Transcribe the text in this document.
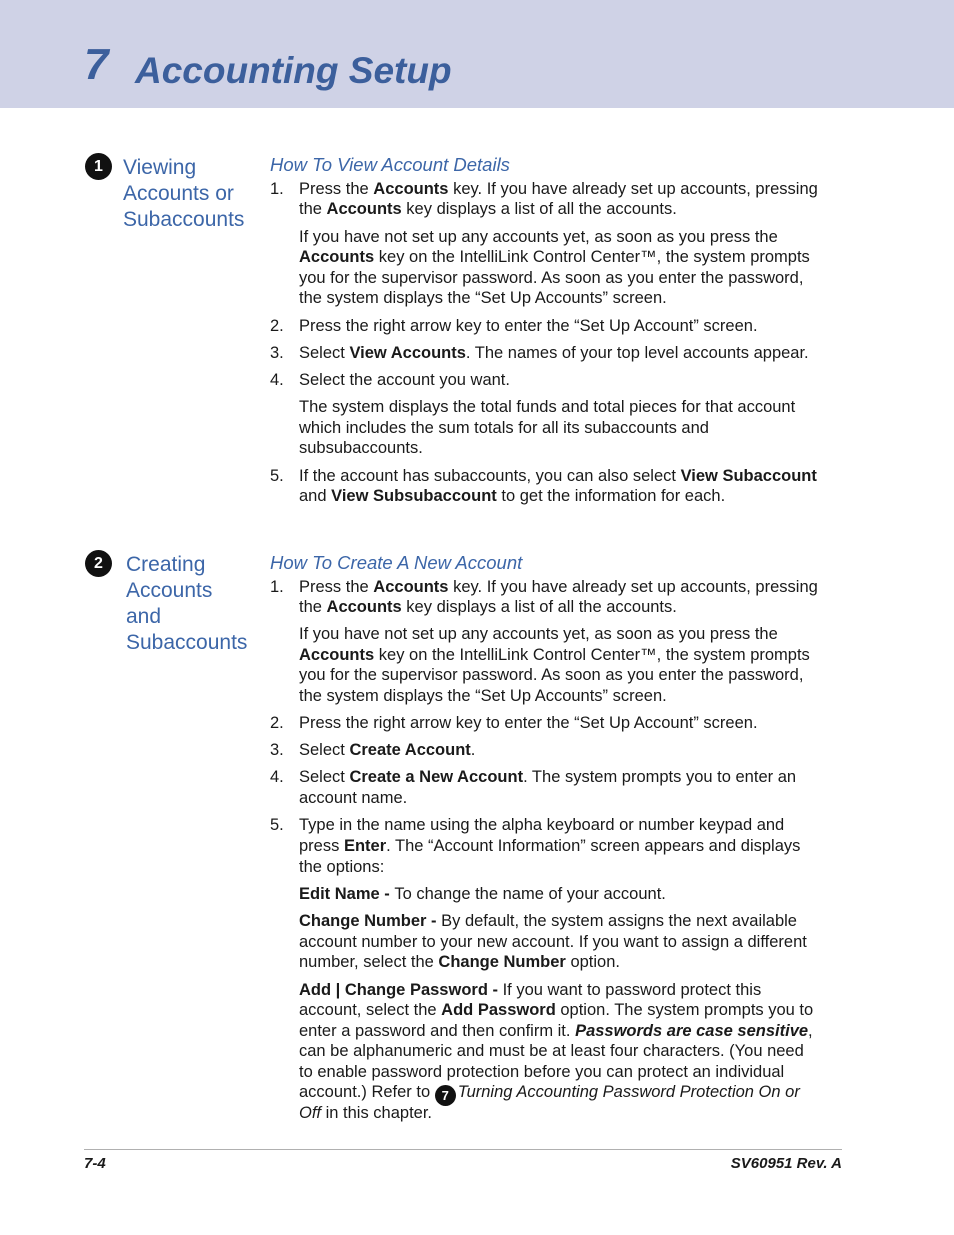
7 Accounting Setup
1 Viewing
Accounts or
Subaccounts
How To View Account Details
1. Press the Accounts key. If you have already set up accounts, pressing

the Accounts key displays a list of all the accounts.

If you have not set up any accounts yet, as soon as you press the

Accounts key on the IntelliLink Control Center™, the system prompts

you for the supervisor password. As soon as you enter the password,

the system displays the “Set Up Accounts” screen.

2. Press the right arrow key to enter the “Set Up Account” screen.

3. Select View Accounts. The names of your top level accounts appear.

4. Select the account you want.

The system displays the total funds and total pieces for that account

which includes the sum totals for all its subaccounts and

subsubaccounts.

5. If the account has subaccounts, you can also select View Subaccount

and View Subsubaccount to get the information for each.

2	Creating
Accounts
and
Subaccounts
How To Create A New Account
1. Press the Accounts key. If you have already set up accounts, pressing

the Accounts key displays a list of all the accounts.

If you have not set up any accounts yet, as soon as you press the

Accounts key on the IntelliLink Control Center™, the system prompts

you for the supervisor password. As soon as you enter the password,

the system displays the “Set Up Accounts” screen.

2. Press the right arrow key to enter the “Set Up Account” screen.

3. Select Create Account.

4. Select Create a New Account. The system prompts you to enter an

account name.

5. Type in the name using the alpha keyboard or number keypad and

press Enter. The “Account Information” screen appears and displays

the options:

Edit Name - To change the name of your account.

Change Number - By default, the system assigns the next available

account number to your new account. If you want to assign a different

number, select the Change Number option.

Add | Change Password - If you want to password protect this

account, select the Add Password option. The system prompts you to

enter a password and then confirm it. Passwords are case sensitive,

can be alphanumeric and must be at least four characters. (You need

to enable password protection before you can protect an individual

account.) Refer to 7 Turning Accounting Password Protection On or

Off in this chapter.

7-4	SV60951 Rev. A
